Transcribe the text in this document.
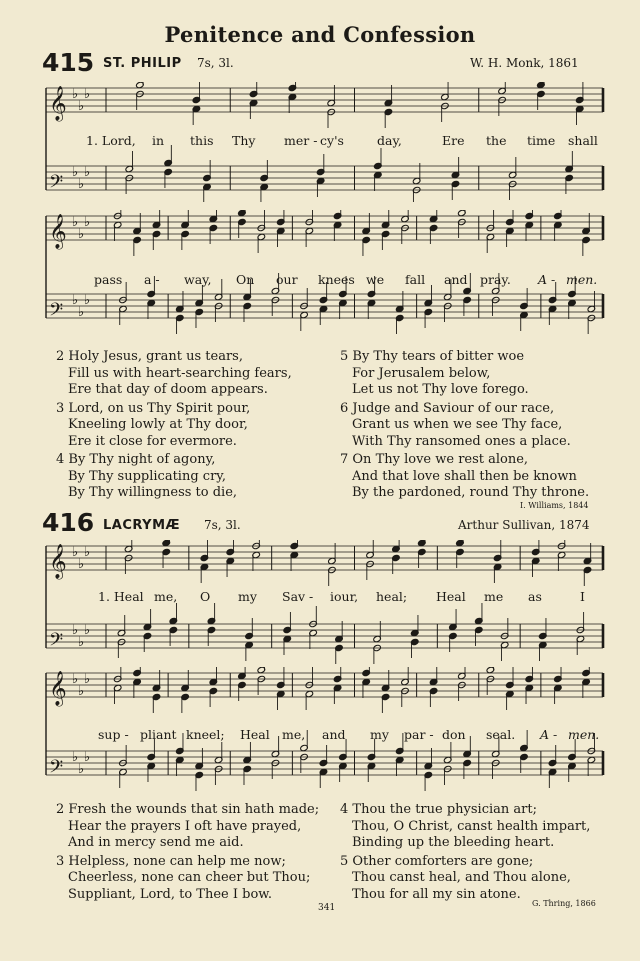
Penitence and Confession
415 ST. PHILIP 7s, 3l.	W. H. Monk, 1861
𝄞 ♭
♭
♭
𝄢 ♭
♭
♭
1. Lord, in this Thy mer - cy's	day,	Ere the time shall
𝄞 ♭
♭
♭
𝄢 ♭
♭
♭
pass a - way, On our knees we fall and pray. A - men.
2 Holy Jesus, grant us tears,
Fill us with heart-searching fears,
Ere that day of doom appears.
3 Lord, on us Thy Spirit pour,
Kneeling lowly at Thy door,
Ere it close for evermore.
4 By Thy night of agony,
By Thy supplicating cry,
By Thy willingness to die,
5 By Thy tears of bitter woe
For Jerusalem below,
Let us not Thy love forego.
6 Judge and Saviour of our race,
Grant us when we see Thy face,
With Thy ransomed ones a place.
7 On Thy love we rest alone,
And that love shall then be known
By the pardoned, round Thy throne.
I. Williams, 1844
416 LACRYMÆ 7s, 3l.	Arthur Sullivan, 1874
𝄞 ♭
♭
♭
𝄢 ♭
♭
♭
1. Heal me, O my Sav - iour, heal; Heal me as	I
𝄞 ♭
♭
♭
𝄢 ♭
♭
♭
sup - pliant kneel; Heal me, and my par - don seal. A - men.
2 Fresh the wounds that sin hath made;
Hear the prayers I oft have prayed,
And in mercy send me aid.
3 Helpless, none can help me now;
Cheerless, none can cheer but Thou;
Suppliant, Lord, to Thee I bow.
4 Thou the true physician art;
Thou, O Christ, canst health impart,
Binding up the bleeding heart.
5 Other comforters are gone;
Thou canst heal, and Thou alone,
Thou for all my sin atone.
G. Thring, 1866
341
